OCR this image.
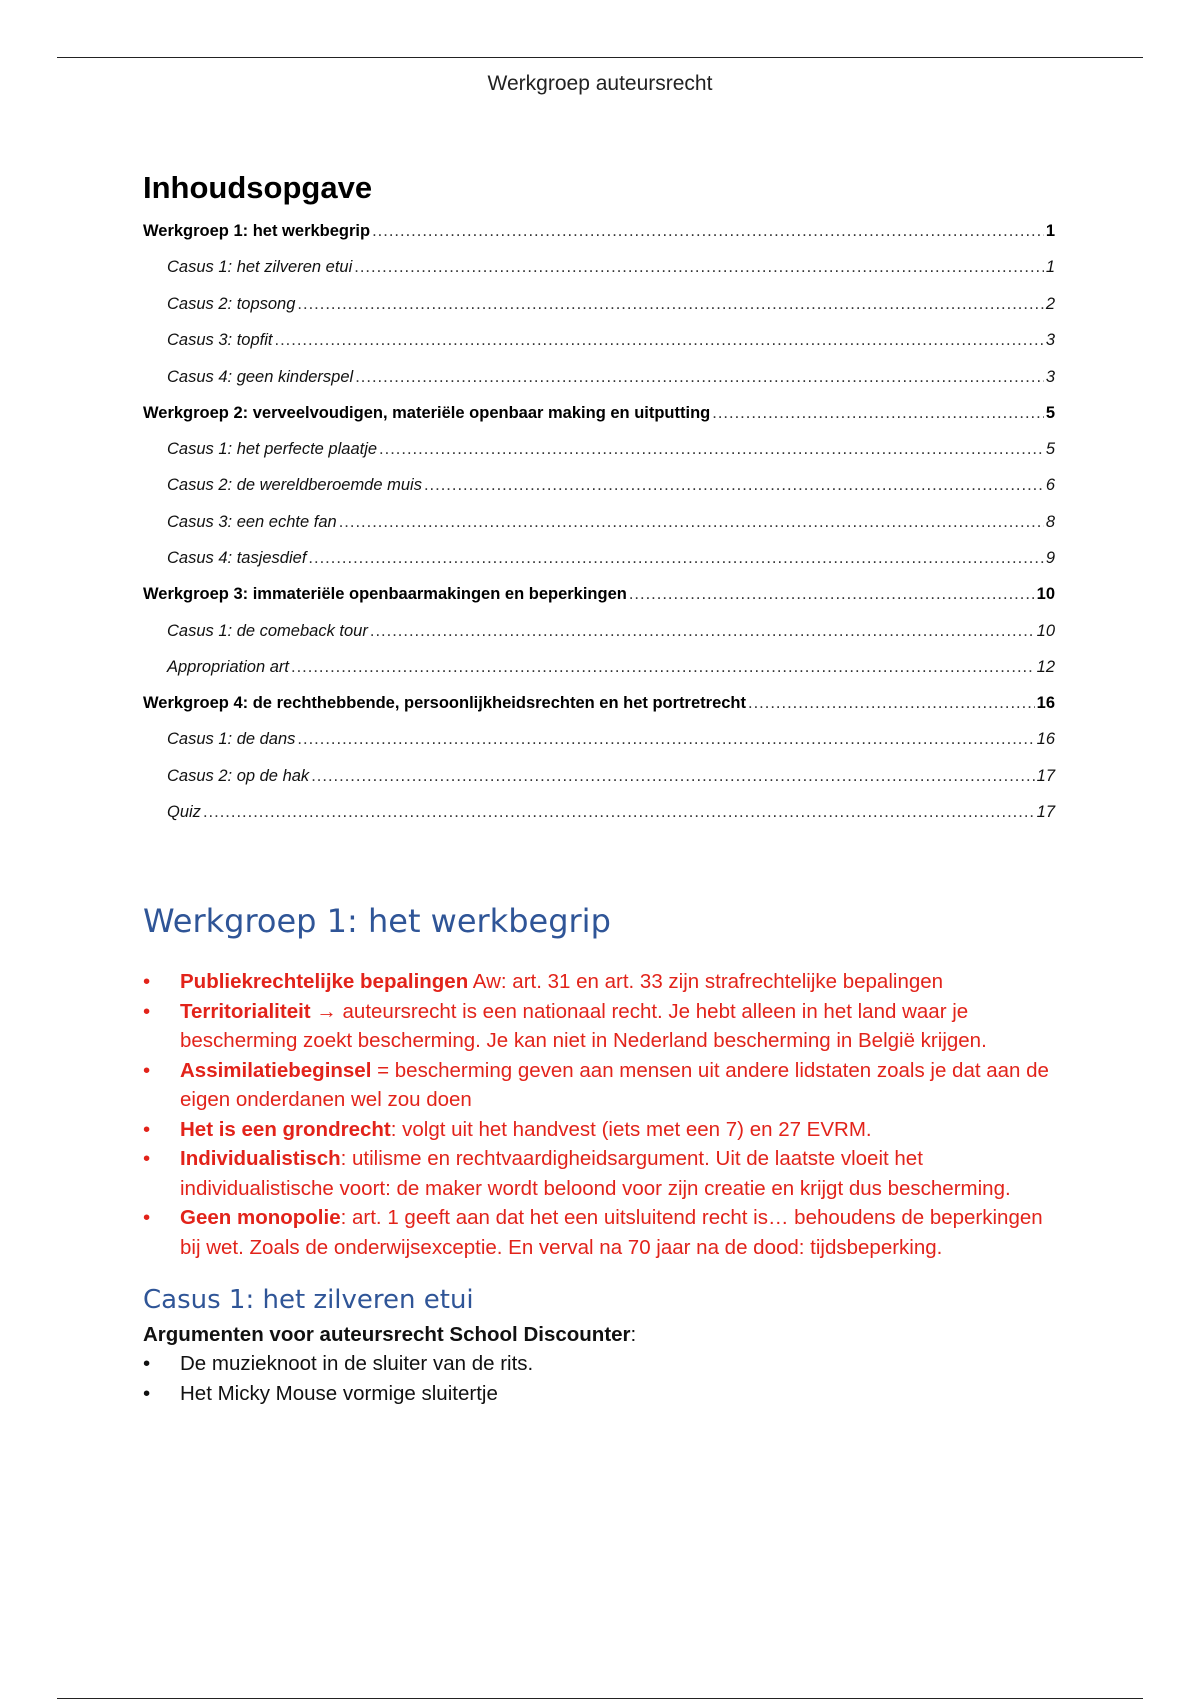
Werkgroep auteursrecht
Inhoudsopgave
Werkgroep 1: het werkbegrip .....	1
Casus 1: het zilveren etui .....	1
Casus 2: topsong .....	2
Casus 3: topfit .....	3
Casus 4: geen kinderspel .....	3
Werkgroep 2: verveelvoudigen, materiële openbaar making en uitputting .....	5
Casus 1: het perfecte plaatje .....	5
Casus 2: de wereldberoemde muis .....	6
Casus 3: een echte fan .....	8
Casus 4: tasjesdief .....	9
Werkgroep 3: immateriële openbaarmakingen en beperkingen .....	10
Casus 1: de comeback tour .....	10
Appropriation art .....	12
Werkgroep 4: de rechthebbende, persoonlijkheidsrechten en het portretrecht .....	16
Casus 1: de dans .....	16
Casus 2: op de hak .....	17
Quiz .....	17
Werkgroep 1: het werkbegrip
• Publiekrechtelijke bepalingen Aw: art. 31 en art. 33 zijn strafrechtelijke bepalingen
• Territorialiteit → auteursrecht is een nationaal recht. Je hebt alleen in het land waar je bescherming zoekt bescherming. Je kan niet in Nederland bescherming in België krijgen.
• Assimilatiebeginsel = bescherming geven aan mensen uit andere lidstaten zoals je dat aan de eigen onderdanen wel zou doen
• Het is een grondrecht: volgt uit het handvest (iets met een 7) en 27 EVRM.
• Individualistisch: utilisme en rechtvaardigheidsargument. Uit de laatste vloeit het individualistische voort: de maker wordt beloond voor zijn creatie en krijgt dus bescherming.
• Geen monopolie: art. 1 geeft aan dat het een uitsluitend recht is… behoudens de beperkingen bij wet. Zoals de onderwijsexceptie. En verval na 70 jaar na de dood: tijdsbeperking.
Casus 1: het zilveren etui
Argumenten voor auteursrecht School Discounter:
• De muzieknoot in de sluiter van de rits.
• Het Micky Mouse vormige sluitertje
